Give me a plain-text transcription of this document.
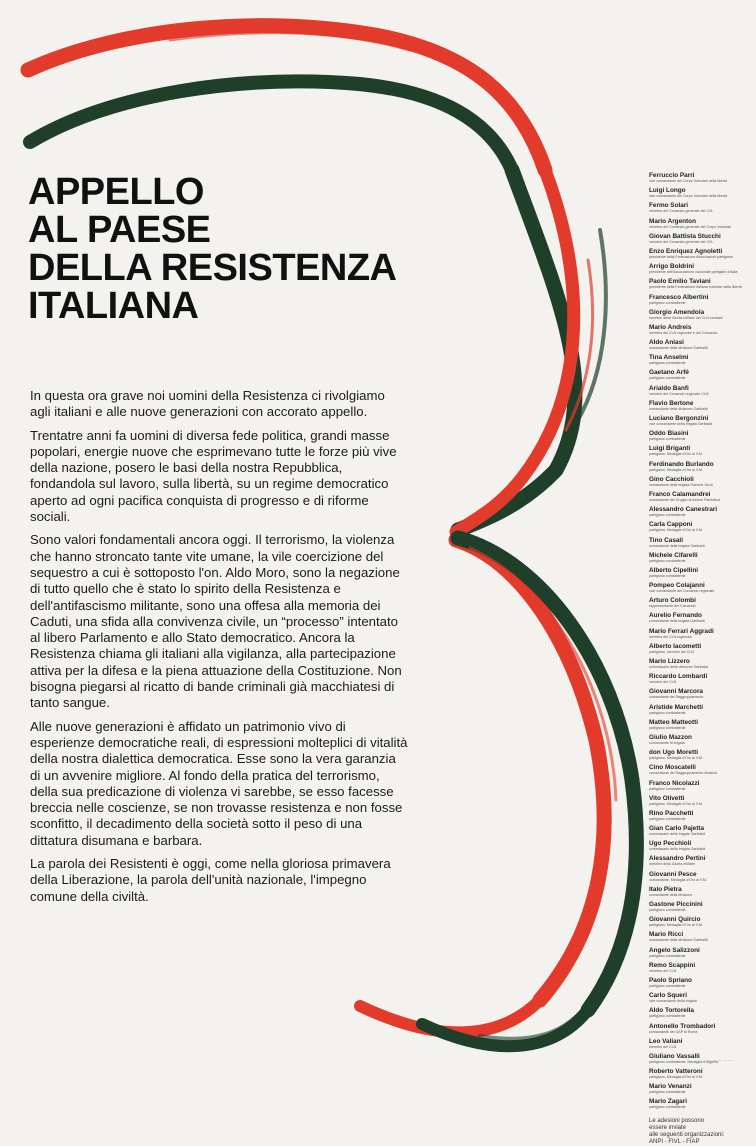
APPELLO
AL PAESE
DELLA RESISTENZA
ITALIANA

In questa ora grave noi uomini della Resistenza ci rivolgiamo agli italiani e alle nuove generazioni con accorato appello.

Trentatre anni fa uomini di diversa fede politica, grandi masse popolari, energie nuove che esprimevano tutte le forze più vive della nazione, posero le basi della nostra Repubblica, fondandola sul lavoro, sulla libertà, su un regime democratico aperto ad ogni pacifica conquista di progresso e di riforme sociali.

Sono valori fondamentali ancora oggi. Il terrorismo, la violenza che hanno stroncato tante vite umane, la vile coercizione del sequestro a cui è sottoposto l'on. Aldo Moro, sono la negazione di tutto quello che è stato lo spirito della Resistenza e dell'antifascismo militante, sono una offesa alla memoria dei Caduti, una sfida alla convivenza civile, un “processo” intentato al libero Parlamento e allo Stato democratico. Ancora la Resistenza chiama gli italiani alla vigilanza, alla partecipazione attiva per la difesa e la piena attuazione della Costituzione. Non bisogna piegarsi al ricatto di bande criminali già macchiatesi di tanto sangue.

Alle nuove generazioni è affidato un patrimonio vivo di esperienze democratiche reali, di espressioni molteplici di vitalità della nostra dialettica democratica. Esse sono la vera garanzia di un avvenire migliore. Al fondo della pratica del terrorismo, della sua predicazione di violenza vi sarebbe, se esso facesse breccia nelle coscienze, se non trovasse resistenza e non fosse sconfitto, il decadimento della società sotto il peso di una dittatura disumana e barbara.

La parola dei Resistenti è oggi, come nella gloriosa primavera della Liberazione, la parola dell'unità nazionale, l'impegno comune della civiltà.

Ferruccio Parri
vice comandante del Corpo Volontari della libertà
Luigi Longo
vice comandante del Corpo Volontari della libertà
Fermo Solari
membro del Comando generale del CVL
Mario Argenton
membro del Comando generale del Corpo Volontari
Giovan Battista Stucchi
membro del Comando generale del CVL
Enzo Enriquez Agnoletti
presidente della Federazione Associazioni partigiane
Arrigo Boldrini
presidente dell'Associazione nazionale partigiani d'Italia
Paolo Emilio Taviani
presidente della Federazione italiana volontari della libertà
Francesco Albertini
partigiano combattente
Giorgio Amendola
membro della Giunta militare del CLN centrale
Mario Andreis
membro del CLN regionale e del Comando
Aldo Aniasi
comandante della divisione Garibaldi
Tina Anselmi
partigiana combattente
Gaetano Arfé
partigiano combattente
Arialdo Banfi
membro del Comando regionale CLN
Flavio Bertone
comandante della divisione Garibaldi
Luciano Bergonzini
vice comandante della brigata Garibaldi
Oddo Biasini
partigiano combattente
Luigi Briganti
partigiano, Medaglia d'Oro al V.M.
Ferdinando Burlando
partigiano, Medaglia d'Oro al V.M.
Gino Cacchioli
comandante della brigata Fiamme Verdi
Franco Calamandrei
comandante del Gruppo di Azione Patriottica
Alessandro Canestrari
partigiano combattente
Carla Capponi
partigiana, Medaglia d'Oro al V.M.
Tino Casali
comandante della brigata Garibaldi
Michele Cifarelli
partigiano combattente
Alberto Cipellini
partigiano combattente
Pompeo Colajanni
vice comandante del Comando regionale
Arturo Colombi
rappresentante del Comando
Aurelio Fernando
comandante della brigata Garibaldi
Mario Ferrari Aggradi
membro del CLN regionale
Alberto Iacometti
partigiano, membro del CLN
Mario Lizzero
commissario della divisione Garibaldi
Riccardo Lombardi
membro del CLN
Giovanni Marcora
comandante del Raggruppamento
Aristide Marchetti
partigiano combattente
Matteo Matteotti
partigiano combattente
Giulio Mazzon
comandante di brigata
don Ugo Moretti
partigiano, Medaglia d'Oro al V.M.
Cino Moscatelli
comandante del Raggruppamento divisioni
Franco Nicolazzi
partigiano combattente
Vito Olivetti
partigiano, Medaglia d'Oro al V.M.
Rino Pacchetti
partigiano combattente
Gian Carlo Pajetta
commissario delle brigate Garibaldi
Ugo Pecchioli
commissario della brigata Garibaldi
Alessandro Pertini
membro della Giunta militare
Giovanni Pesce
comandante, Medaglia d'Oro al V.M.
Italo Pietra
comandante della divisione
Gastone Piccinini
partigiano combattente
Giovanni Quircio
partigiano, Medaglia d'Oro al V.M.
Mario Ricci
comandante della divisione Garibaldi
Angelo Salizzoni
partigiano combattente
Remo Scappini
membro del CLN
Paolo Spriano
partigiano combattente
Carlo Squeri
vice comandante della brigata
Aldo Tortorella
partigiano combattente
Antonello Trombadori
comandante dei GAP di Roma
Leo Valiani
membro del CLN
Giuliano Vassalli
partigiano combattente, Medaglia d'Argento
Roberto Vatteroni
partigiano, Medaglia d'Oro al V.M.
Mario Venanzi
partigiano combattente
Mario Zagari
partigiano combattente
Le adesioni possono
essere inviate
alle seguenti organizzazioni:
ANPI - FIVL - FIAP
— — — — —
